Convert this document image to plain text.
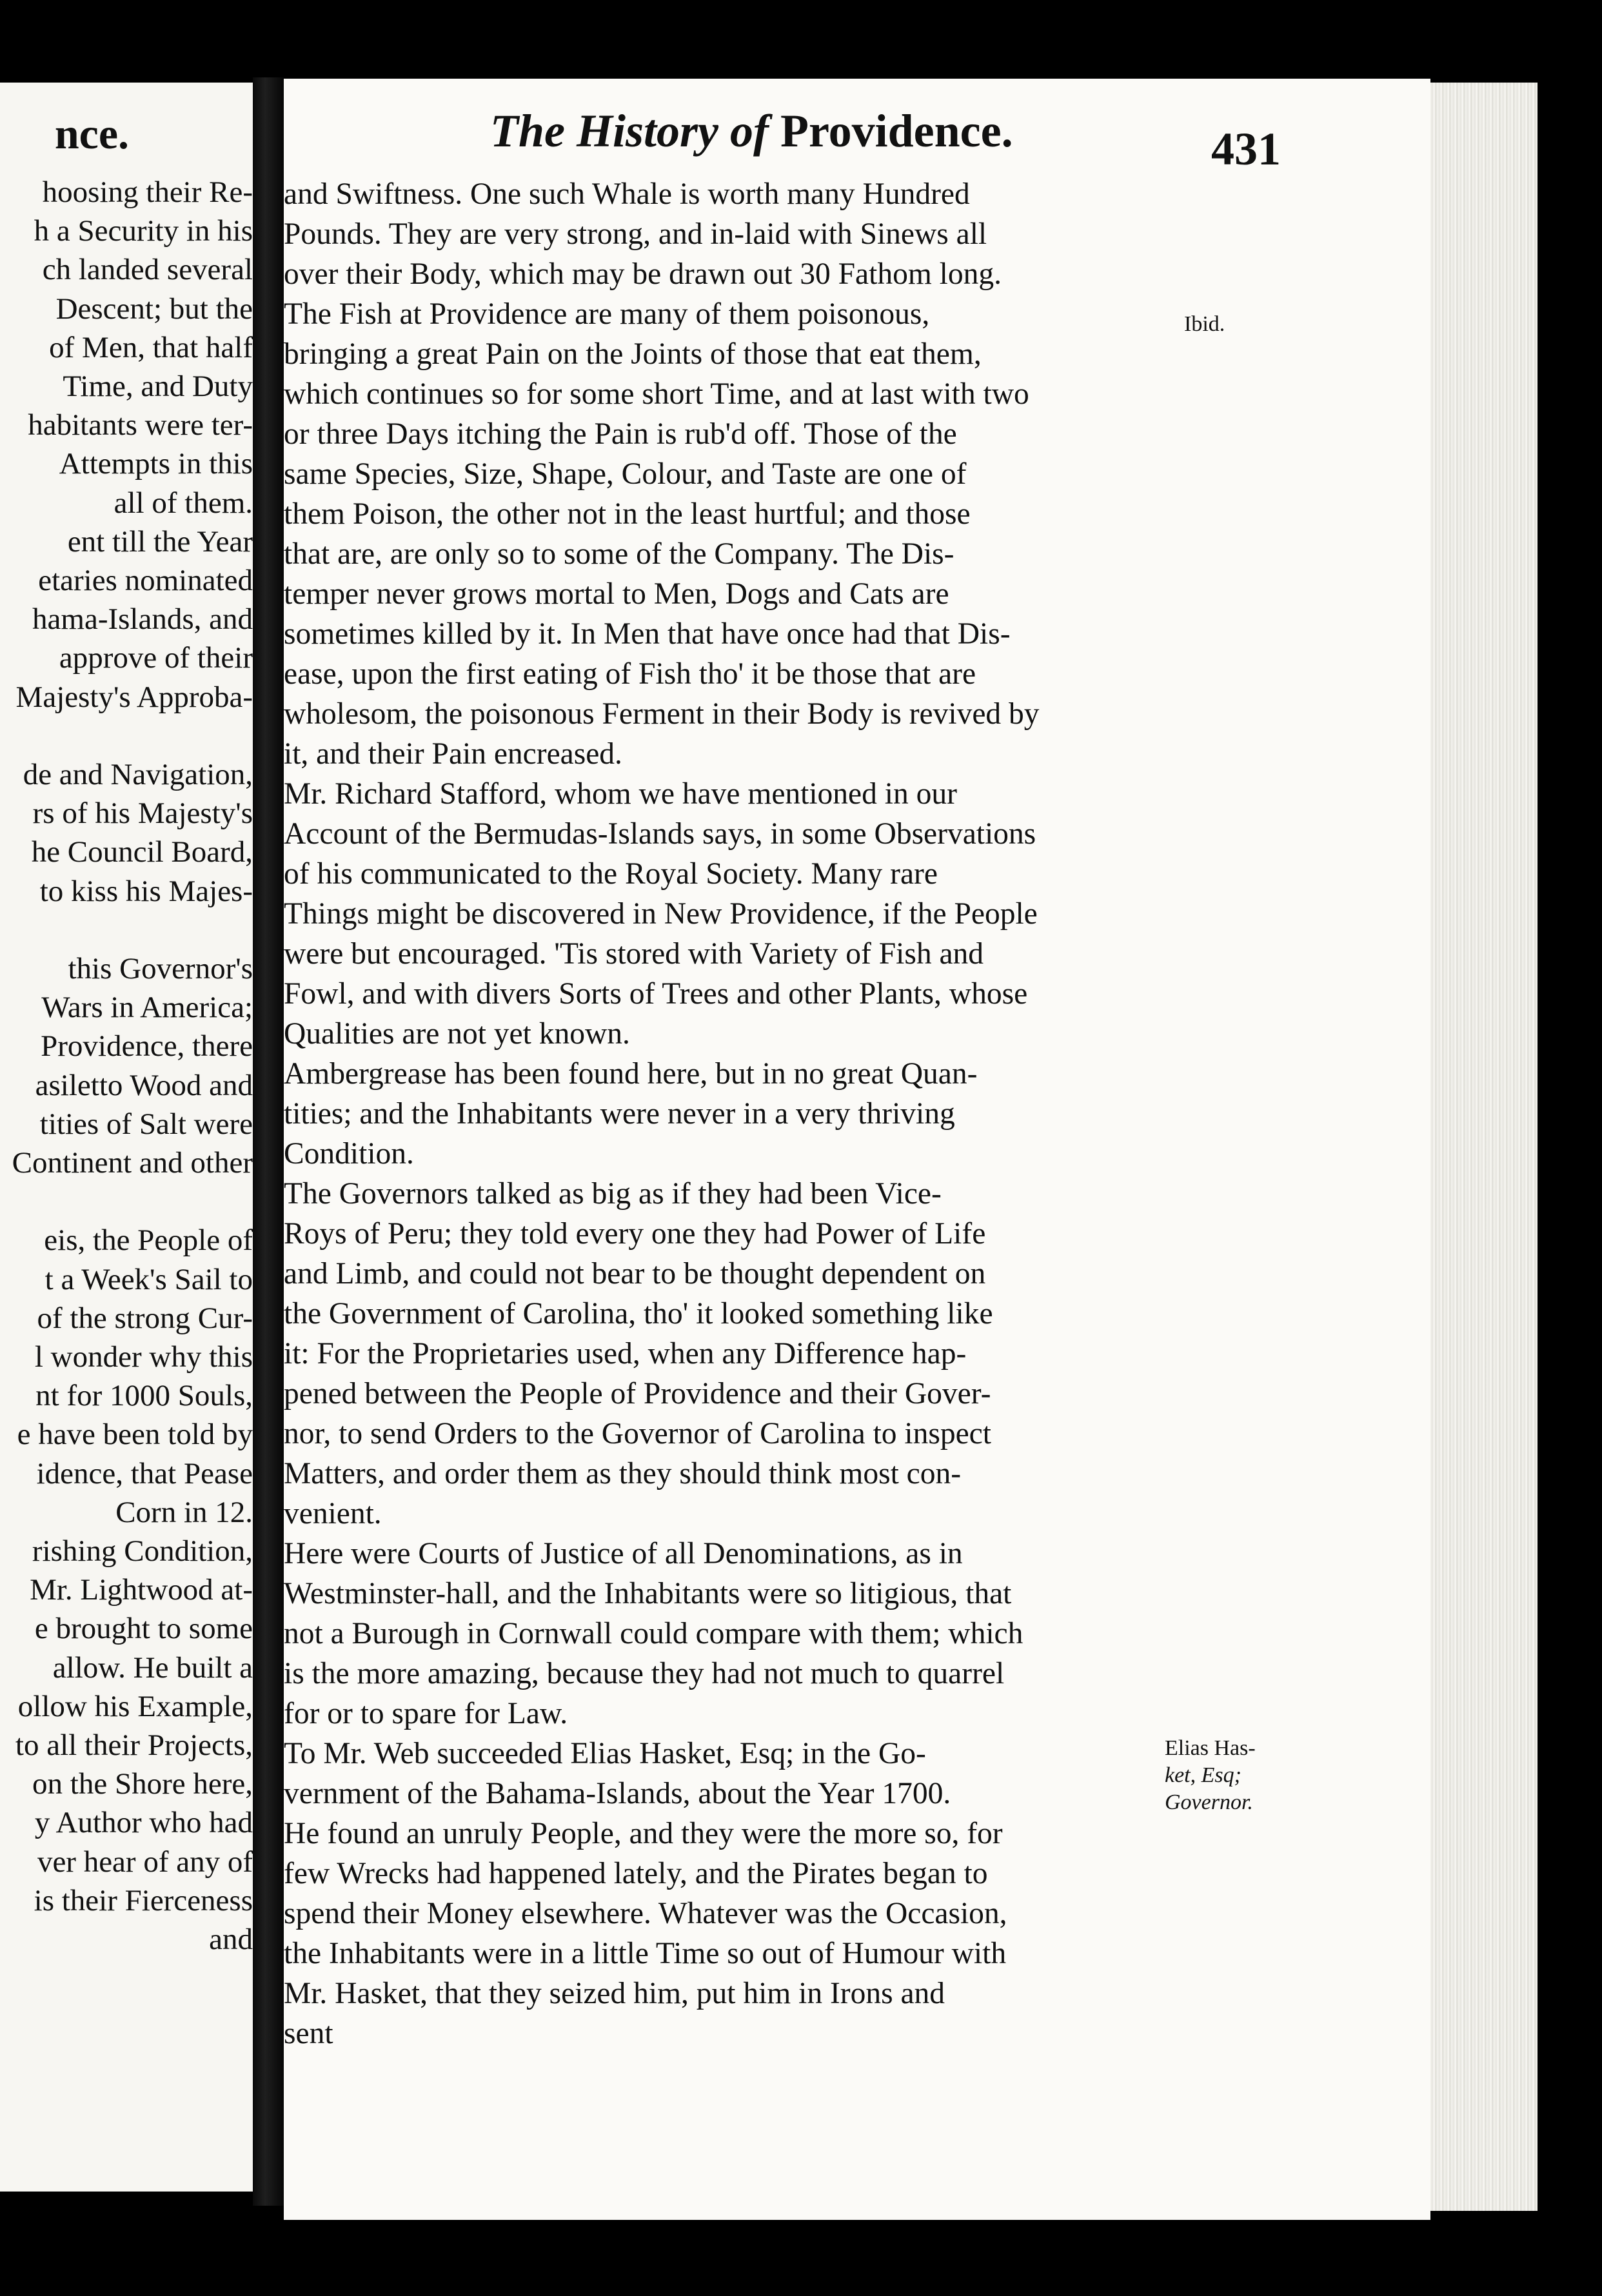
nce.
hoosing their Re-
h a Security in his
ch landed several
Descent; but the
of Men, that half
Time, and Duty
habitants were ter-
Attempts in this
all of them.
ent till the Year
etaries nominated
hama-Islands, and
approve of their
Majesty's Approba-
de and Navigation,
rs of his Majesty's
he Council Board,
to kiss his Majes-
this Governor's
Wars in America;
Providence, there
asiletto Wood and
tities of Salt were
Continent and other
eis, the People of
t a Week's Sail to
of the strong Cur-
l wonder why this
nt for 1000 Souls,
e have been told by
idence, that Pease
Corn in 12.
rishing Condition,
Mr. Lightwood at-
e brought to some
allow. He built a
ollow his Example,
to all their Projects,
on the Shore here,
y Author who had
ver hear of any of
is their Fierceness
and
The History of Providence.	431
and Swiftness. One such Whale is worth many Hundred
Pounds. They are very strong, and in-laid with Sinews all
over their Body, which may be drawn out 30 Fathom long.
The Fish at Providence are many of them poisonous,
bringing a great Pain on the Joints of those that eat them,
which continues so for some short Time, and at last with two
or three Days itching the Pain is rub'd off. Those of the
same Species, Size, Shape, Colour, and Taste are one of
them Poison, the other not in the least hurtful; and those
that are, are only so to some of the Company. The Dis-
temper never grows mortal to Men, Dogs and Cats are
sometimes killed by it. In Men that have once had that Dis-
ease, upon the first eating of Fish tho' it be those that are
wholesom, the poisonous Ferment in their Body is revived by
it, and their Pain encreased.
Mr. Richard Stafford, whom we have mentioned in our
Account of the Bermudas-Islands says, in some Observations
of his communicated to the Royal Society. Many rare
Things might be discovered in New Providence, if the People
were but encouraged. 'Tis stored with Variety of Fish and
Fowl, and with divers Sorts of Trees and other Plants, whose
Qualities are not yet known.
Ambergrease has been found here, but in no great Quan-
tities; and the Inhabitants were never in a very thriving
Condition.
The Governors talked as big as if they had been Vice-
Roys of Peru; they told every one they had Power of Life
and Limb, and could not bear to be thought dependent on
the Government of Carolina, tho' it looked something like
it: For the Proprietaries used, when any Difference hap-
pened between the People of Providence and their Gover-
nor, to send Orders to the Governor of Carolina to inspect
Matters, and order them as they should think most con-
venient.
Here were Courts of Justice of all Denominations, as in
Westminster-hall, and the Inhabitants were so litigious, that
not a Burough in Cornwall could compare with them; which
is the more amazing, because they had not much to quarrel
for or to spare for Law.
To Mr. Web succeeded Elias Hasket, Esq; in the Go-
vernment of the Bahama-Islands, about the Year 1700.
He found an unruly People, and they were the more so, for
few Wrecks had happened lately, and the Pirates began to
spend their Money elsewhere. Whatever was the Occasion,
the Inhabitants were in a little Time so out of Humour with
Mr. Hasket, that they seized him, put him in Irons and
sent
Ibid.
Elias Has-
ket, Esq;
Governor.
